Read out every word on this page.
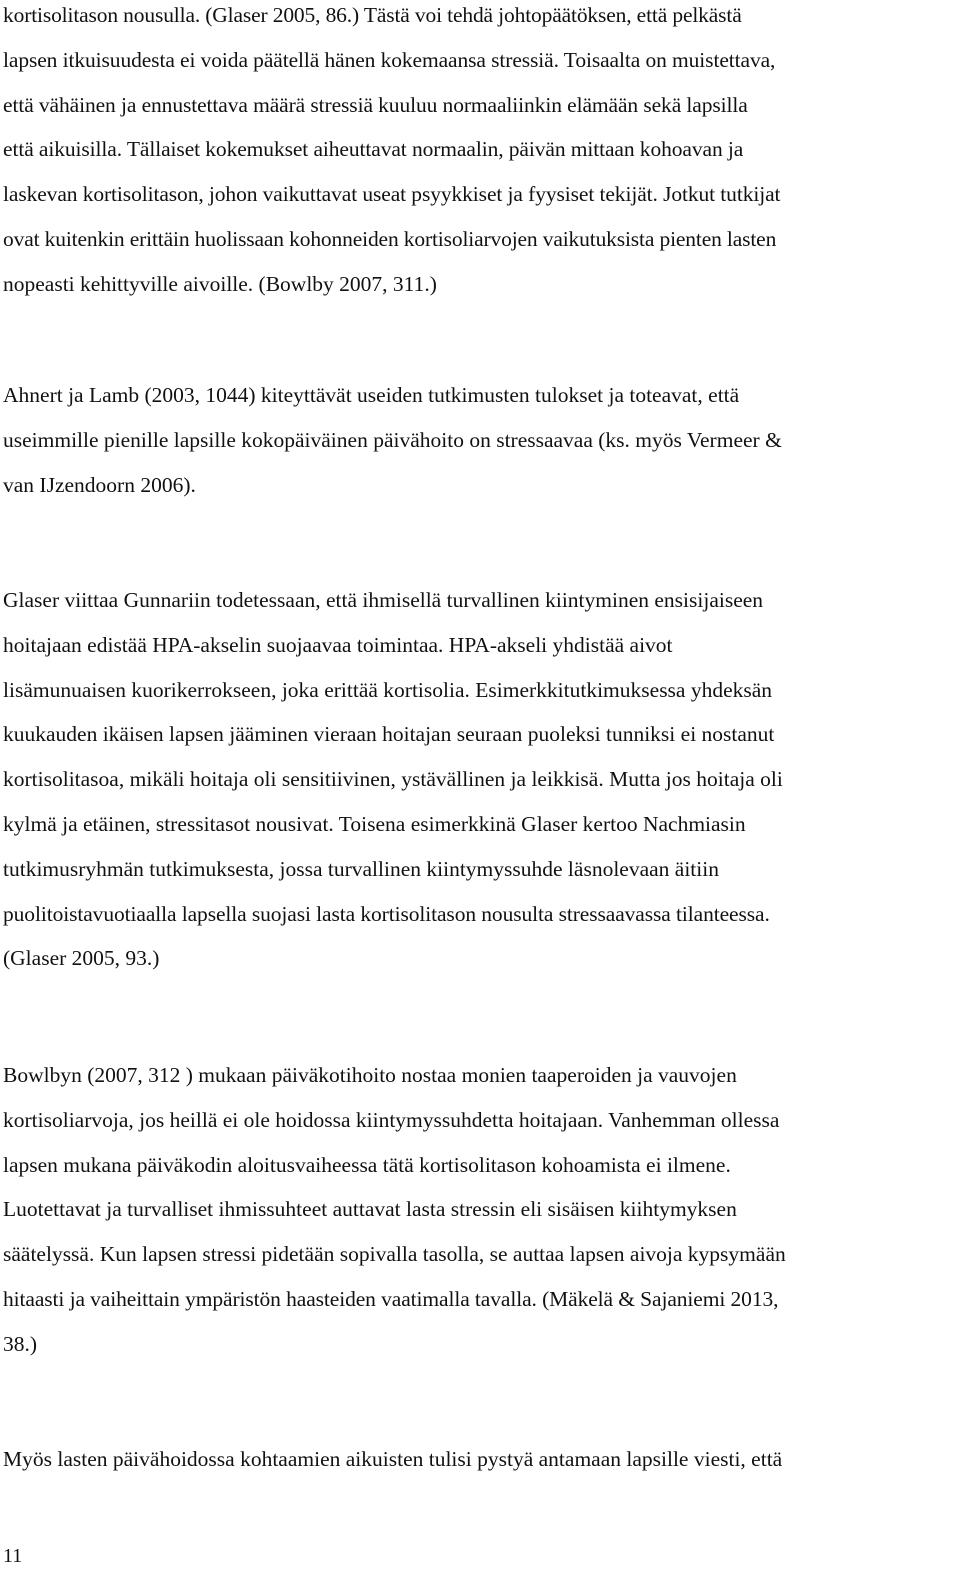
kortisolitason nousulla. (Glaser 2005, 86.) Tästä voi tehdä johtopäätöksen, että pelkästä
lapsen itkuisuudesta ei voida päätellä hänen kokemaansa stressiä. Toisaalta on muistettava,
että vähäinen ja ennustettava määrä stressiä kuuluu normaaliinkin elämään sekä lapsilla
että aikuisilla. Tällaiset kokemukset aiheuttavat normaalin, päivän mittaan kohoavan ja
laskevan kortisolitason, johon vaikuttavat useat psyykkiset ja fyysiset tekijät. Jotkut tutkijat
ovat kuitenkin erittäin huolissaan kohonneiden kortisoliarvojen vaikutuksista pienten lasten
nopeasti kehittyville aivoille. (Bowlby 2007, 311.)
Ahnert ja Lamb (2003, 1044) kiteyttävät useiden tutkimusten tulokset ja toteavat, että
useimmille pienille lapsille kokopäiväinen päivähoito on stressaavaa (ks. myös Vermeer &
van IJzendoorn 2006).
Glaser viittaa Gunnariin todetessaan, että ihmisellä turvallinen kiintyminen ensisijaiseen
hoitajaan edistää HPA-akselin suojaavaa toimintaa. HPA-akseli yhdistää aivot
lisämunuaisen kuorikerrokseen, joka erittää kortisolia. Esimerkkitutkimuksessa yhdeksän
kuukauden ikäisen lapsen jääminen vieraan hoitajan seuraan puoleksi tunniksi ei nostanut
kortisolitasoa, mikäli hoitaja oli sensitiivinen, ystävällinen ja leikkisä. Mutta jos hoitaja oli
kylmä ja etäinen, stressitasot nousivat. Toisena esimerkkinä Glaser kertoo Nachmiasin
tutkimusryhmän tutkimuksesta, jossa turvallinen kiintymyssuhde läsnolevaan äitiin
puolitoistavuotiaalla lapsella suojasi lasta kortisolitason nousulta stressaavassa tilanteessa.
(Glaser 2005, 93.)
Bowlbyn (2007, 312 ) mukaan päiväkotihoito nostaa monien taaperoiden ja vauvojen
kortisoliarvoja, jos heillä ei ole hoidossa kiintymyssuhdetta hoitajaan. Vanhemman ollessa
lapsen mukana päiväkodin aloitusvaiheessa tätä kortisolitason kohoamista ei ilmene.
Luotettavat ja turvalliset ihmissuhteet auttavat lasta stressin eli sisäisen kiihtymyksen
säätelyssä. Kun lapsen stressi pidetään sopivalla tasolla, se auttaa lapsen aivoja kypsymään
hitaasti ja vaiheittain ympäristön haasteiden vaatimalla tavalla. (Mäkelä & Sajaniemi 2013,
38.)
Myös lasten päivähoidossa kohtaamien aikuisten tulisi pystyä antamaan lapsille viesti, että
11
